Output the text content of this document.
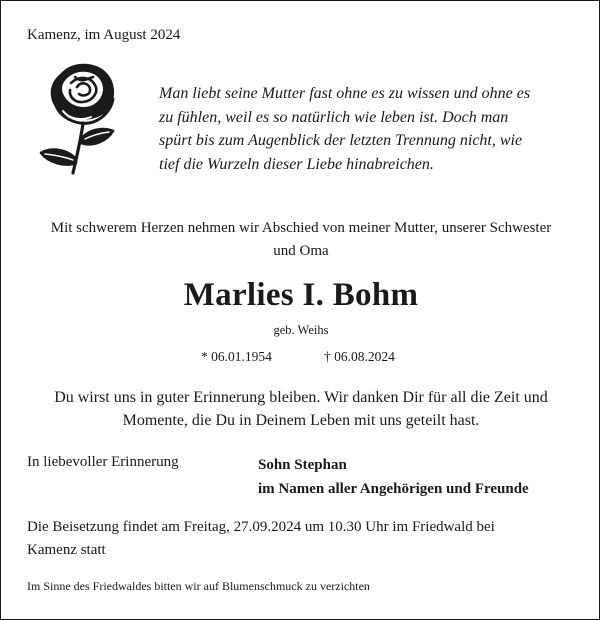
Kamenz, im August 2024
Man liebt seine Mutter fast ohne es zu wissen und ohne es
zu fühlen, weil es so natürlich wie leben ist. Doch man
spürt bis zum Augenblick der letzten Trennung nicht, wie
tief die Wurzeln dieser Liebe hinabreichen.
Mit schwerem Herzen nehmen wir Abschied von meiner Mutter, unserer Schwester
und Oma
Marlies I. Bohm
geb. Weihs
* 06.01.1954	† 06.08.2024
Du wirst uns in guter Erinnerung bleiben. Wir danken Dir für all die Zeit und
Momente, die Du in Deinem Leben mit uns geteilt hast.
In liebevoller Erinnerung	Sohn Stephan
im Namen aller Angehörigen und Freunde
Die Beisetzung findet am Freitag, 27.09.2024 um 10.30 Uhr im Friedwald bei
Kamenz statt
Im Sinne des Friedwaldes bitten wir auf Blumenschmuck zu verzichten
